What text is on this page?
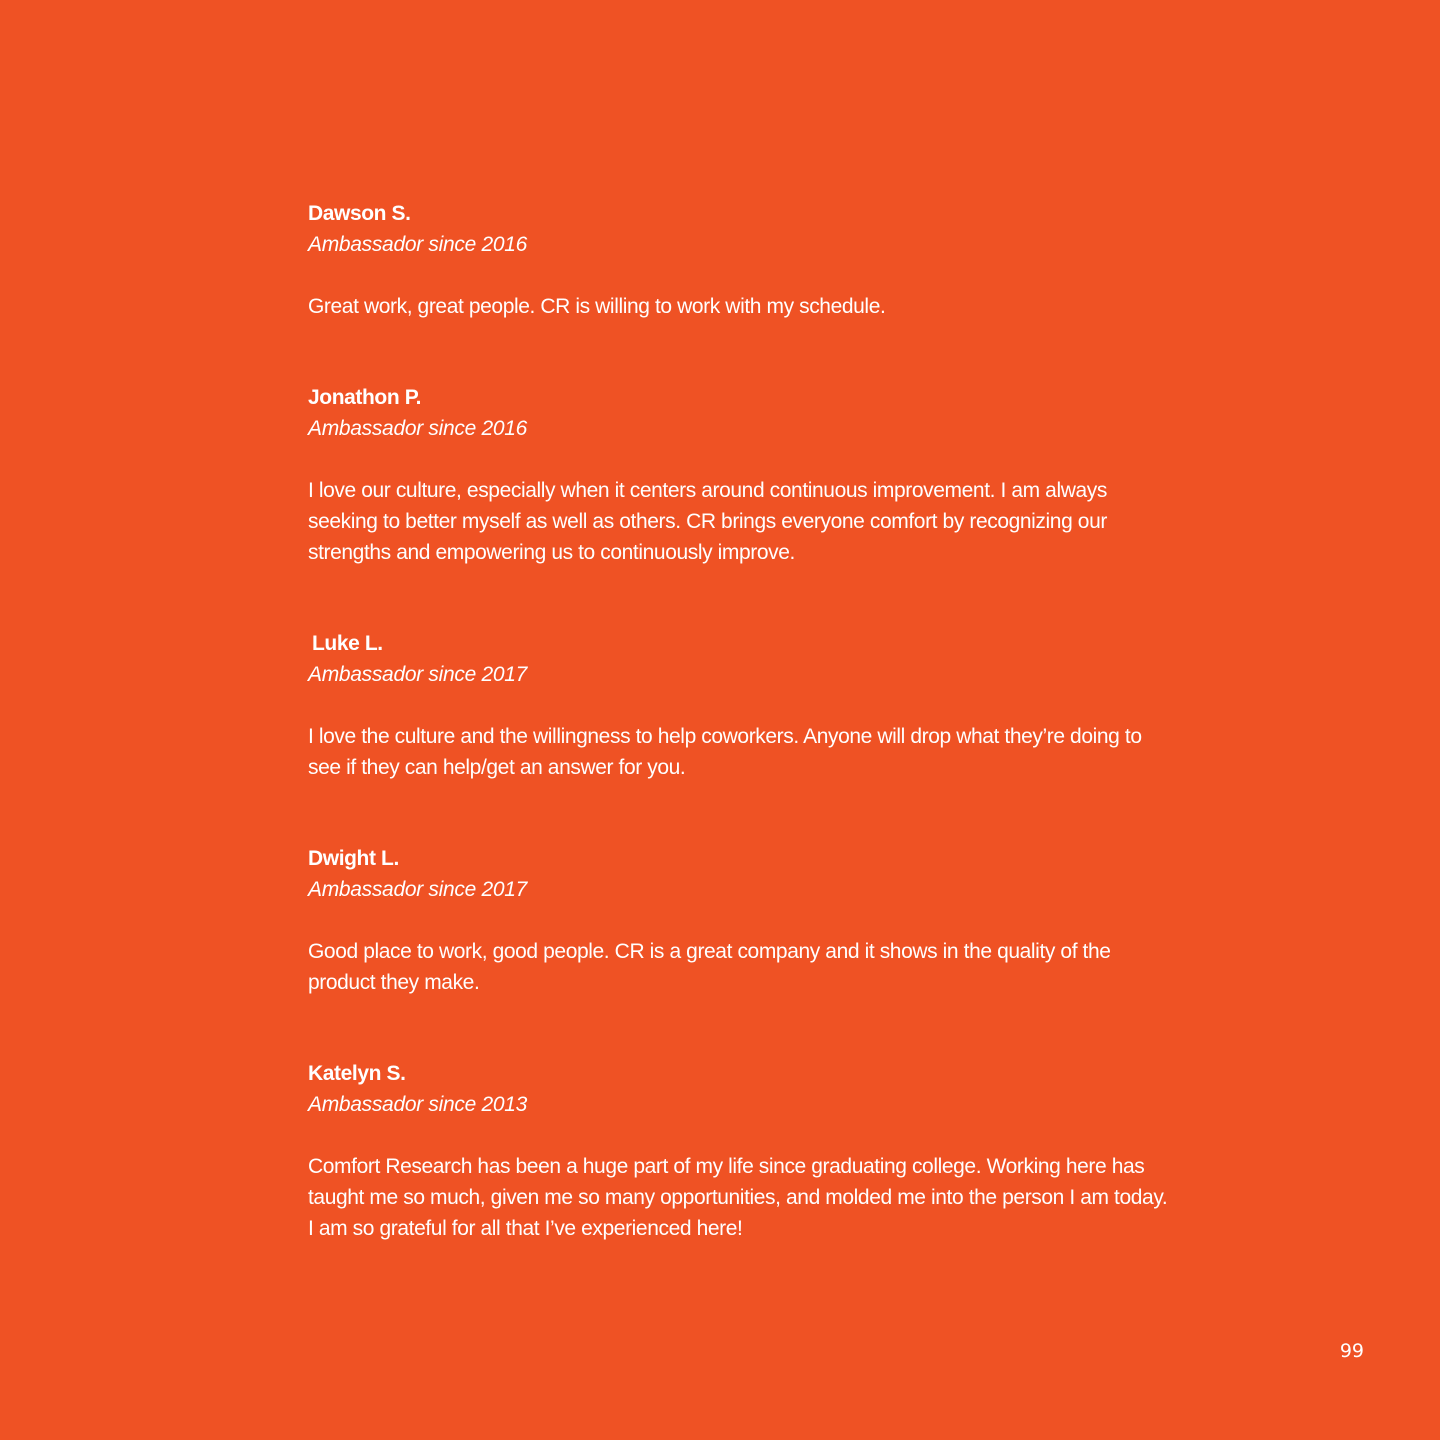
Dawson S.

Ambassador since 2016

Great work, great people. CR is willing to work with my schedule.

Jonathon P.

Ambassador since 2016

I love our culture, especially when it centers around continuous improvement. I am always seeking to better myself as well as others. CR brings everyone comfort by recognizing our strengths and empowering us to continuously improve.

Luke L.

Ambassador since 2017

I love the culture and the willingness to help coworkers. Anyone will drop what they’re doing to see if they can help/get an answer for you.

Dwight L.

Ambassador since 2017

Good place to work, good people. CR is a great company and it shows in the quality of the product they make.

Katelyn S.

Ambassador since 2013

Comfort Research has been a huge part of my life since graduating college. Working here has taught me so much, given me so many opportunities, and molded me into the person I am today. I am so grateful for all that I’ve experienced here!

99
